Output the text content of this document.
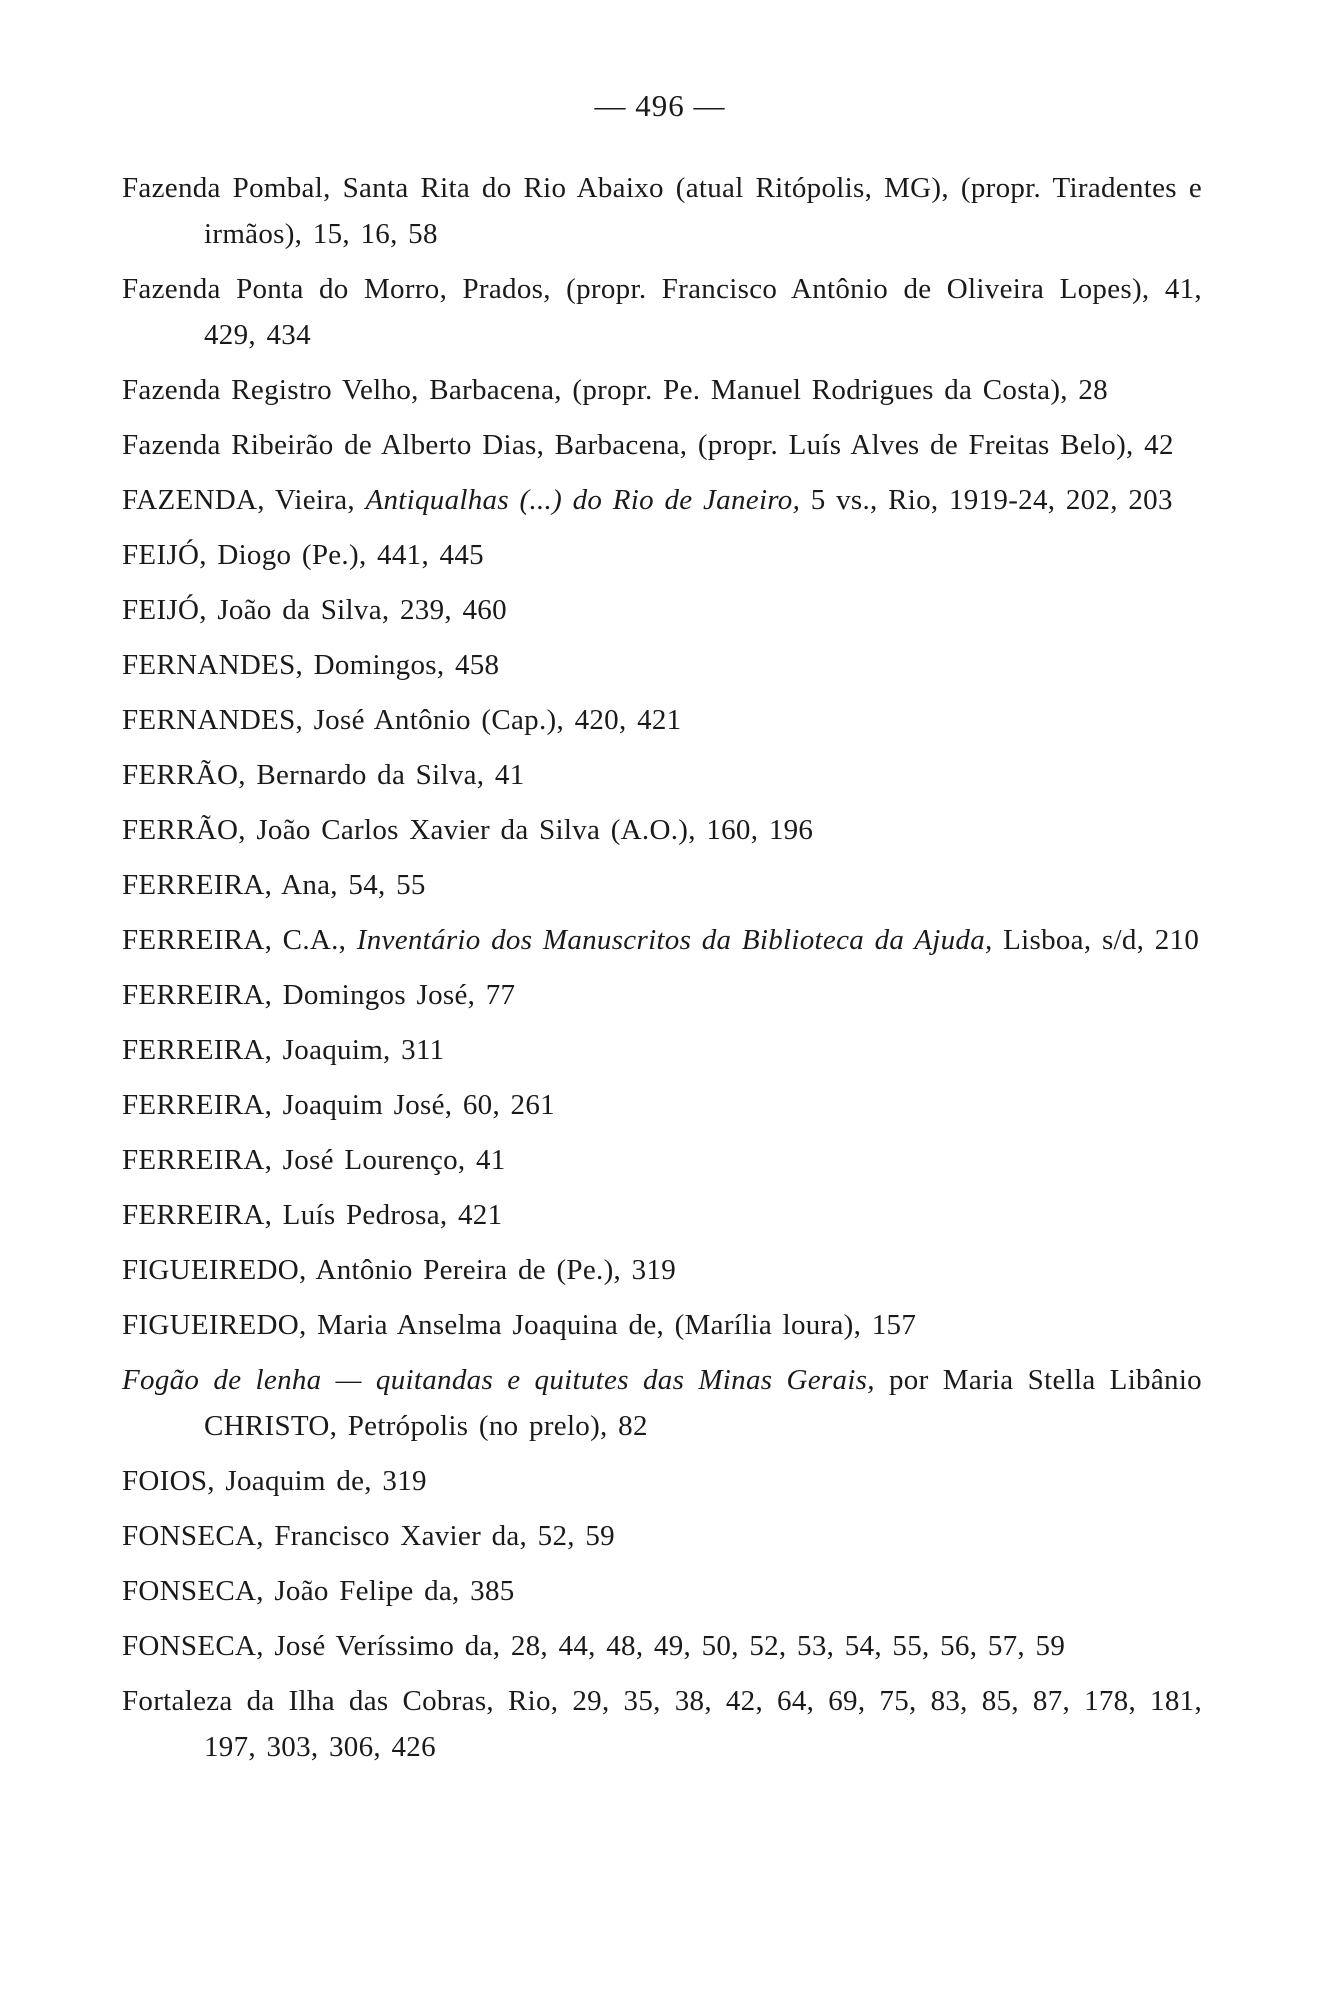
— 496 —
Fazenda Pombal, Santa Rita do Rio Abaixo (atual Ritópolis, MG), (propr. Tiradentes e irmãos), 15, 16, 58
Fazenda Ponta do Morro, Prados, (propr. Francisco Antônio de Oliveira Lopes), 41, 429, 434
Fazenda Registro Velho, Barbacena, (propr. Pe. Manuel Rodrigues da Costa), 28
Fazenda Ribeirão de Alberto Dias, Barbacena, (propr. Luís Alves de Freitas Belo), 42
FAZENDA, Vieira, Antiqualhas (...) do Rio de Janeiro, 5 vs., Rio, 1919-24, 202, 203
FEIJÓ, Diogo (Pe.), 441, 445
FEIJÓ, João da Silva, 239, 460
FERNANDES, Domingos, 458
FERNANDES, José Antônio (Cap.), 420, 421
FERRÃO, Bernardo da Silva, 41
FERRÃO, João Carlos Xavier da Silva (A.O.), 160, 196
FERREIRA, Ana, 54, 55
FERREIRA, C.A., Inventário dos Manuscritos da Biblioteca da Ajuda, Lisboa, s/d, 210
FERREIRA, Domingos José, 77
FERREIRA, Joaquim, 311
FERREIRA, Joaquim José, 60, 261
FERREIRA, José Lourenço, 41
FERREIRA, Luís Pedrosa, 421
FIGUEIREDO, Antônio Pereira de (Pe.), 319
FIGUEIREDO, Maria Anselma Joaquina de, (Marília loura), 157
Fogão de lenha — quitandas e quitutes das Minas Gerais, por Maria Stella Libânio CHRISTO, Petrópolis (no prelo), 82
FOIOS, Joaquim de, 319
FONSECA, Francisco Xavier da, 52, 59
FONSECA, João Felipe da, 385
FONSECA, José Veríssimo da, 28, 44, 48, 49, 50, 52, 53, 54, 55, 56, 57, 59
Fortaleza da Ilha das Cobras, Rio, 29, 35, 38, 42, 64, 69, 75, 83, 85, 87, 178, 181, 197, 303, 306, 426
